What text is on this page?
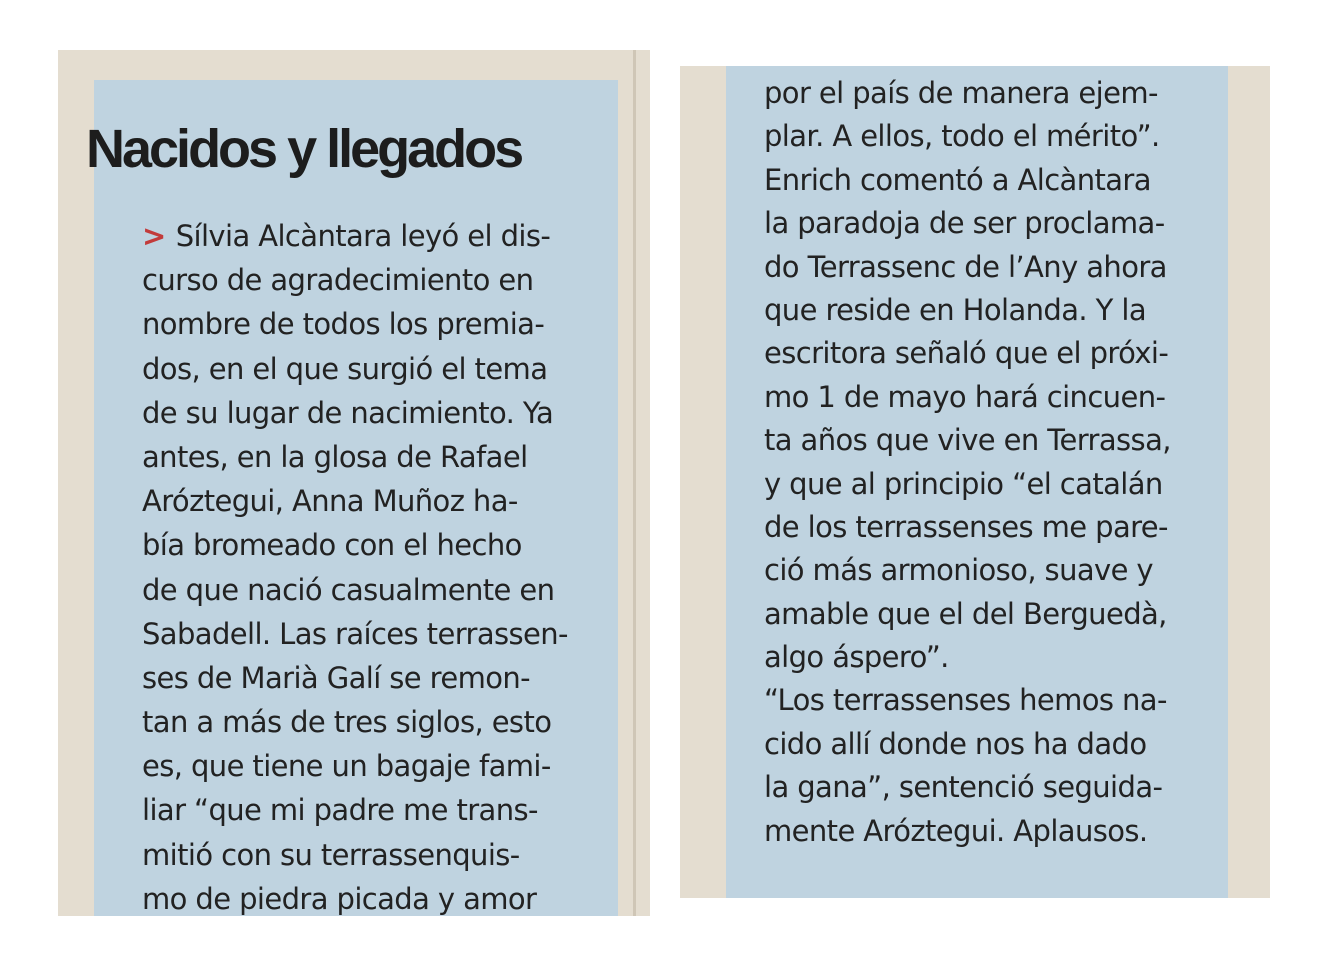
Nacidos y llegados
> Sílvia Alcàntara leyó el dis-
curso de agradecimiento en
nombre de todos los premia-
dos, en el que surgió el tema
de su lugar de nacimiento. Ya
antes, en la glosa de Rafael
Aróztegui, Anna Muñoz ha-
bía bromeado con el hecho
de que nació casualmente en
Sabadell. Las raíces terrassen-
ses de Marià Galí se remon-
tan a más de tres siglos, esto
es, que tiene un bagaje fami-
liar “que mi padre me trans-
mitió con su terrassenquis-
mo de piedra picada y amor
por el país de manera ejem-
plar. A ellos, todo el mérito”.
Enrich comentó a Alcàntara
la paradoja de ser proclama-
do Terrassenc de l’Any ahora
que reside en Holanda. Y la
escritora señaló que el próxi-
mo 1 de mayo hará cincuen-
ta años que vive en Terrassa,
y que al principio “el catalán
de los terrassenses me pare-
ció más armonioso, suave y
amable que el del Berguedà,
algo áspero”.
“Los terrassenses hemos na-
cido allí donde nos ha dado
la gana”, sentenció seguida-
mente Aróztegui. Aplausos.
